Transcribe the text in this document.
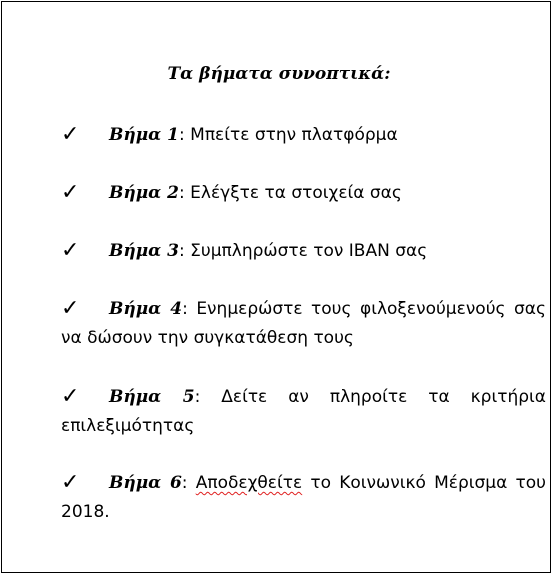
Τα βήματα συνοπτικά:
✓ Βήμα 1: Μπείτε στην πλατφόρμα
✓ Βήμα 2: Ελέγξτε τα στοιχεία σας
✓ Βήμα 3: Συμπληρώστε τον IBAN σας
✓ Βήμα 4: Ενημερώστε τους φιλοξενούμενούς σας να δώσουν την συγκατάθεση τους
✓ Βήμα 5: Δείτε αν πληροίτε τα κριτήρια επιλεξιμότητας
✓ Βήμα 6: Αποδεχθείτε το Κοινωνικό Μέρισμα του 2018.
